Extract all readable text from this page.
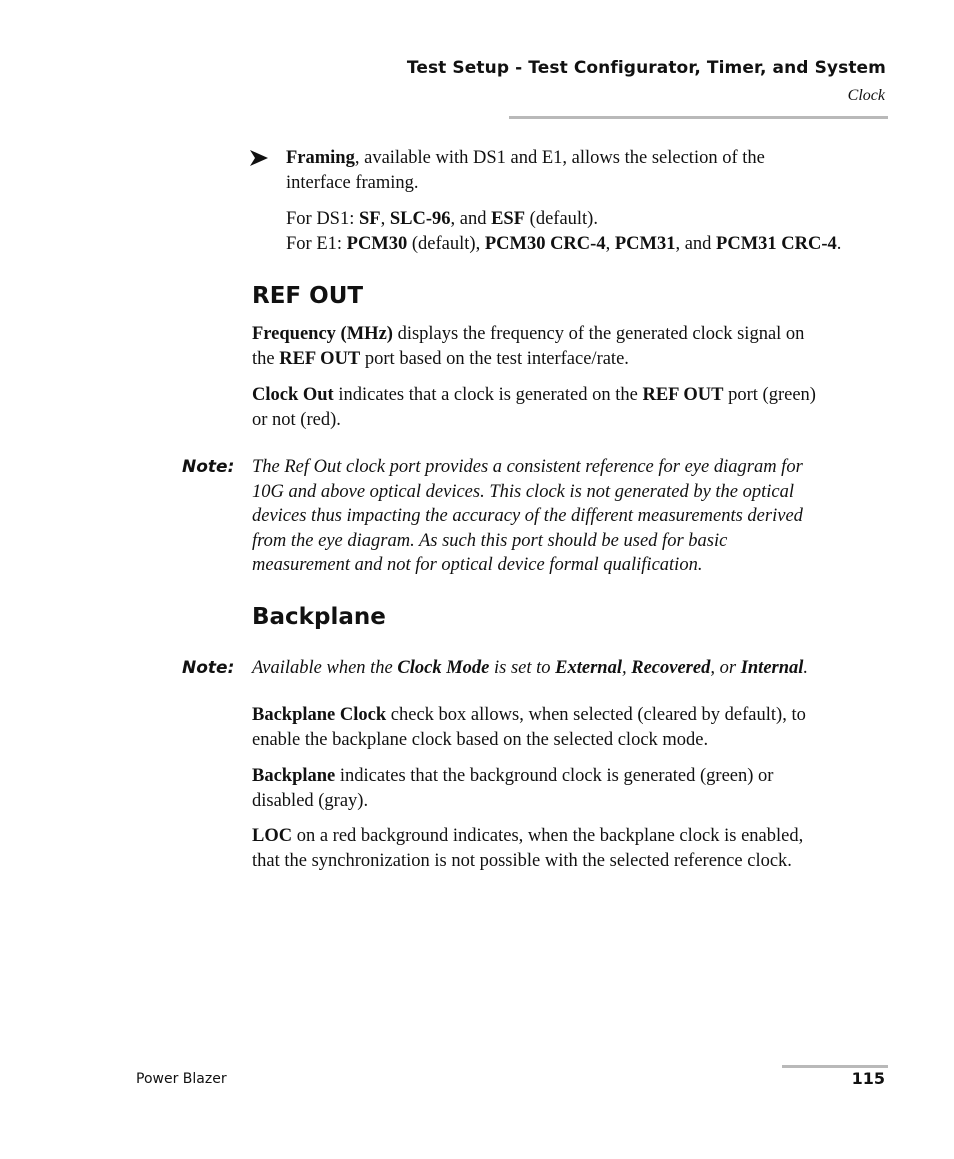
Test Setup - Test Configurator, Timer, and System
Clock
Framing, available with DS1 and E1, allows the selection of the
interface framing.
For DS1: SF, SLC-96, and ESF (default).
For E1: PCM30 (default), PCM30 CRC-4, PCM31, and PCM31 CRC-4.
REF OUT
Frequency (MHz) displays the frequency of the generated clock signal on
the REF OUT port based on the test interface/rate.
Clock Out indicates that a clock is generated on the REF OUT port (green)
or not (red).
Note: The Ref Out clock port provides a consistent reference for eye diagram for
10G and above optical devices. This clock is not generated by the optical
devices thus impacting the accuracy of the different measurements derived
from the eye diagram. As such this port should be used for basic
measurement and not for optical device formal qualification.
Backplane
Note: Available when the Clock Mode is set to External, Recovered, or Internal.
Backplane Clock check box allows, when selected (cleared by default), to
enable the backplane clock based on the selected clock mode.
Backplane indicates that the background clock is generated (green) or
disabled (gray).
LOC on a red background indicates, when the backplane clock is enabled,
that the synchronization is not possible with the selected reference clock.
Power Blazer	115
